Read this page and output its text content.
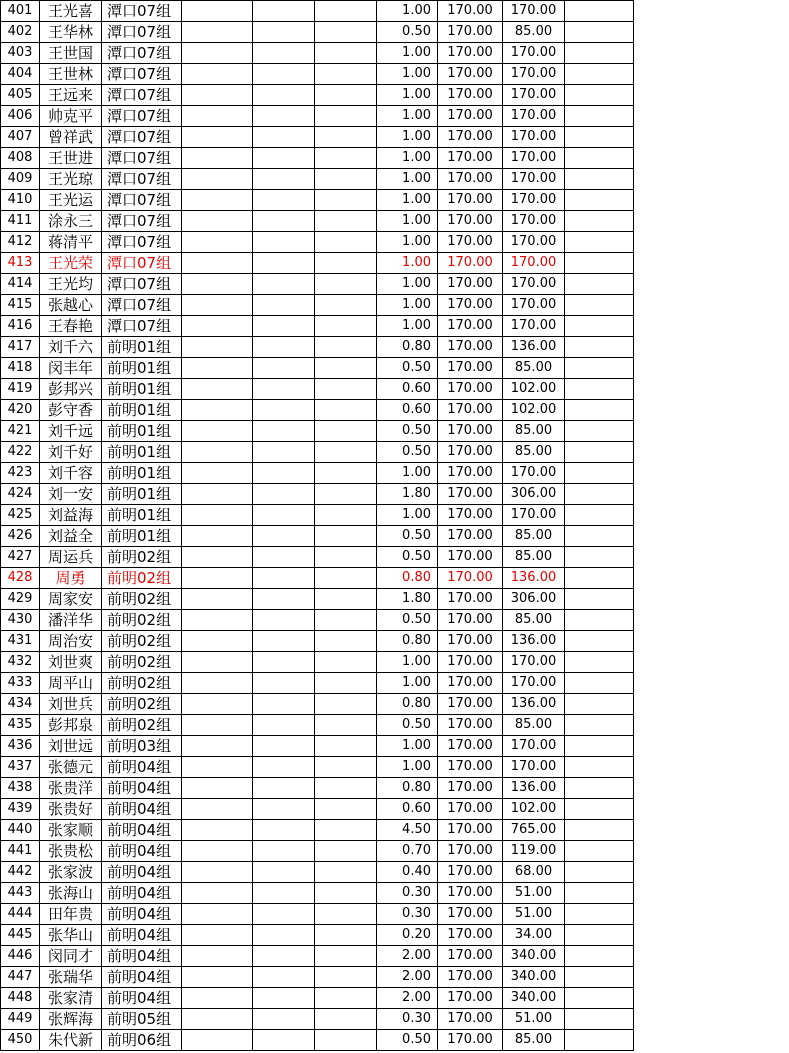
401	王光喜	潭口07组				1.00	170.00	170.00	
402	王华林	潭口07组				0.50	170.00	85.00	
403	王世国	潭口07组				1.00	170.00	170.00	
404	王世林	潭口07组				1.00	170.00	170.00	
405	王远来	潭口07组				1.00	170.00	170.00	
406	帅克平	潭口07组				1.00	170.00	170.00	
407	曾祥武	潭口07组				1.00	170.00	170.00	
408	王世进	潭口07组				1.00	170.00	170.00	
409	王光琼	潭口07组				1.00	170.00	170.00	
410	王光运	潭口07组				1.00	170.00	170.00	
411	涂永三	潭口07组				1.00	170.00	170.00	
412	蒋清平	潭口07组				1.00	170.00	170.00	
413	王光荣	潭口07组				1.00	170.00	170.00	
414	王光均	潭口07组				1.00	170.00	170.00	
415	张越心	潭口07组				1.00	170.00	170.00	
416	王春艳	潭口07组				1.00	170.00	170.00	
417	刘千六	前明01组				0.80	170.00	136.00	
418	闵丰年	前明01组				0.50	170.00	85.00	
419	彭邦兴	前明01组				0.60	170.00	102.00	
420	彭守香	前明01组				0.60	170.00	102.00	
421	刘千远	前明01组				0.50	170.00	85.00	
422	刘千好	前明01组				0.50	170.00	85.00	
423	刘千容	前明01组				1.00	170.00	170.00	
424	刘一安	前明01组				1.80	170.00	306.00	
425	刘益海	前明01组				1.00	170.00	170.00	
426	刘益全	前明01组				0.50	170.00	85.00	
427	周运兵	前明02组				0.50	170.00	85.00	
428	周勇	前明02组				0.80	170.00	136.00	
429	周家安	前明02组				1.80	170.00	306.00	
430	潘洋华	前明02组				0.50	170.00	85.00	
431	周治安	前明02组				0.80	170.00	136.00	
432	刘世爽	前明02组				1.00	170.00	170.00	
433	周平山	前明02组				1.00	170.00	170.00	
434	刘世兵	前明02组				0.80	170.00	136.00	
435	彭邦泉	前明02组				0.50	170.00	85.00	
436	刘世远	前明03组				1.00	170.00	170.00	
437	张德元	前明04组				1.00	170.00	170.00	
438	张贵洋	前明04组				0.80	170.00	136.00	
439	张贵好	前明04组				0.60	170.00	102.00	
440	张家顺	前明04组				4.50	170.00	765.00	
441	张贵松	前明04组				0.70	170.00	119.00	
442	张家波	前明04组				0.40	170.00	68.00	
443	张海山	前明04组				0.30	170.00	51.00	
444	田年贵	前明04组				0.30	170.00	51.00	
445	张华山	前明04组				0.20	170.00	34.00	
446	闵同才	前明04组				2.00	170.00	340.00	
447	张瑞华	前明04组				2.00	170.00	340.00	
448	张家清	前明04组				2.00	170.00	340.00	
449	张辉海	前明05组				0.30	170.00	51.00	
450	朱代新	前明06组				0.50	170.00	85.00	
